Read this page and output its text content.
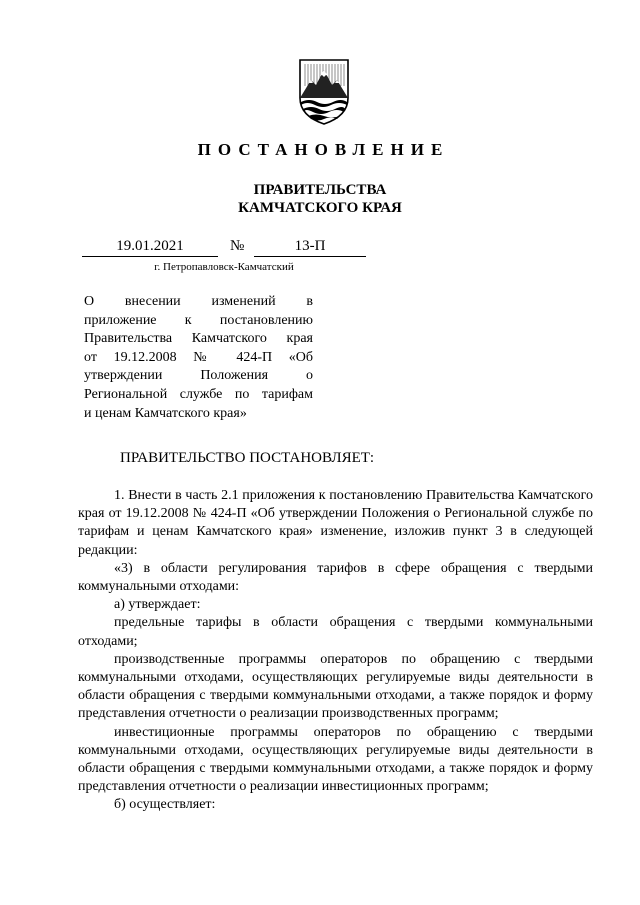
ПОСТАНОВЛЕНИЕ
ПРАВИТЕЛЬСТВА
КАМЧАТСКОГО КРАЯ
19.01.2021	№	13-П
г. Петропавловск-Камчатский
О внесении изменений в
приложение к постановлению
Правительства Камчатского края
от 19.12.2008 № 424-П «Об
утверждении Положения о
Региональной службе по тарифам
и ценам Камчатского края»
ПРАВИТЕЛЬСТВО ПОСТАНОВЛЯЕТ:

1. Внести в часть 2.1 приложения к постановлению Правительства Камчатского края от 19.12.2008 № 424-П «Об утверждении Положения о Региональной службе по тарифам и ценам Камчатского края» изменение, изложив пункт 3 в следующей редакции:

«3) в области регулирования тарифов в сфере обращения с твердыми коммунальными отходами:

а) утверждает:

предельные тарифы в области обращения с твердыми коммунальными отходами;

производственные программы операторов по обращению с твердыми коммунальными отходами, осуществляющих регулируемые виды деятельности в области обращения с твердыми коммунальными отходами, а также порядок и форму представления отчетности о реализации производственных программ;

инвестиционные программы операторов по обращению с твердыми коммунальными отходами, осуществляющих регулируемые виды деятельности в области обращения с твердыми коммунальными отходами, а также порядок и форму представления отчетности о реализации инвестиционных программ;

б) осуществляет:
